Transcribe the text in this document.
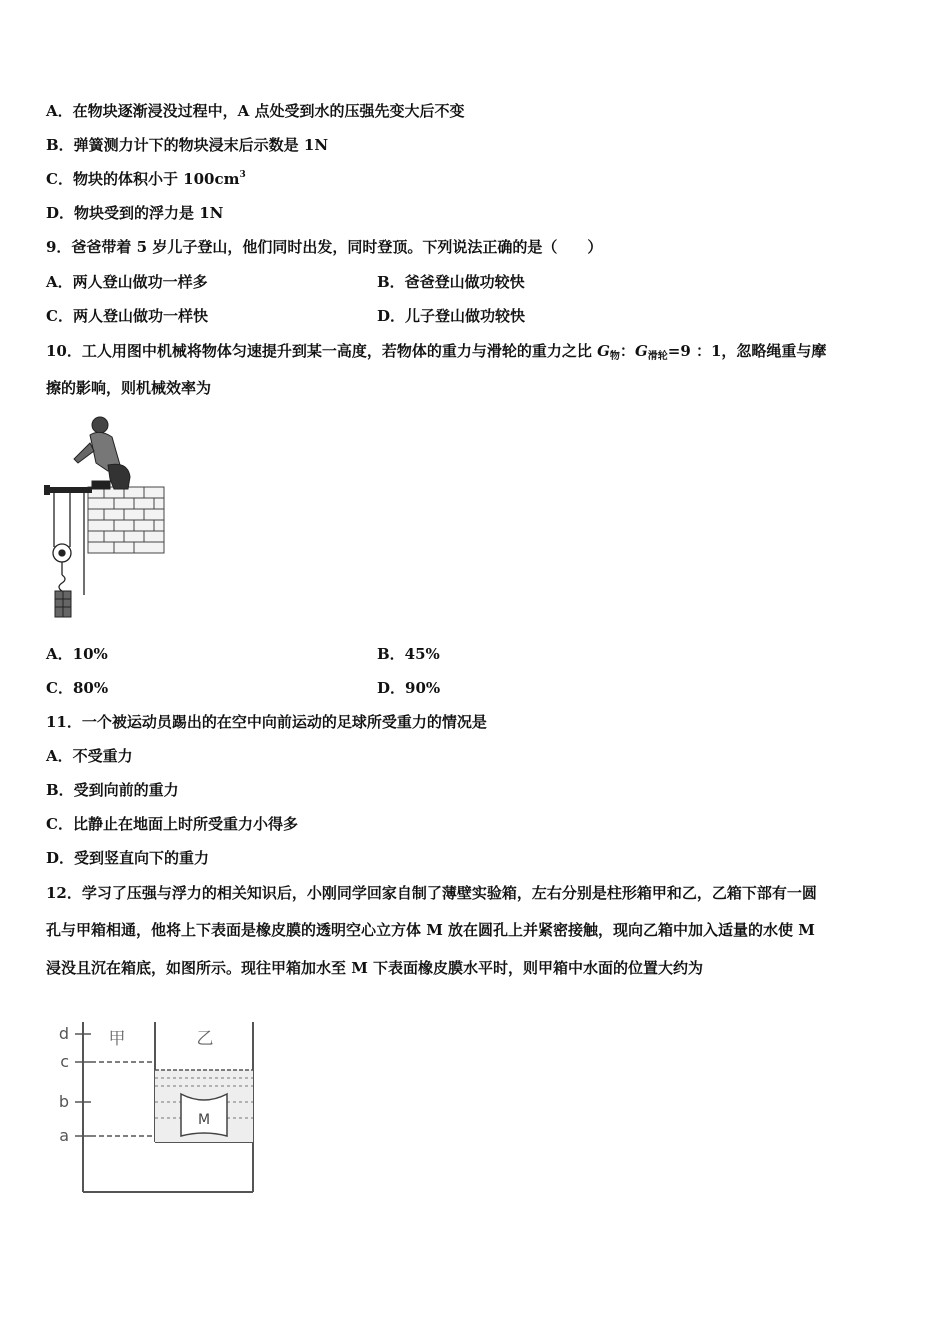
A．在物块逐渐浸没过程中，A 点处受到水的压强先变大后不变
B．弹簧测力计下的物块浸末后示数是 1N
C．物块的体积小于 $100cm^3$
D．物块受到的浮力是 1N
9．爸爸带着 5 岁儿子登山，他们同时出发，同时登顶。下列说法正确的是（　　）
A．两人登山做功一样多	B．爸爸登山做功较快
C．两人登山做功一样快	D．儿子登山做功较快
10．工人用图中机械将物体匀速提升到某一高度，若物体的重力与滑轮的重力之比 $G_物$：$G_{滑轮}=9$ ：1，忽略绳重与摩
擦的影响，则机械效率为
A．10%	B．45%
C．80%	D．90%
11．一个被运动员踢出的在空中向前运动的足球所受重力的情况是
A．不受重力
B．受到向前的重力
C．比静止在地面上时所受重力小得多
D．受到竖直向下的重力
12．学习了压强与浮力的相关知识后，小刚同学回家自制了薄壁实验箱，左右分别是柱形箱甲和乙，乙箱下部有一圆
孔与甲箱相通，他将上下表面是橡皮膜的透明空心立方体 M 放在圆孔上并紧密接触，现向乙箱中加入适量的水使 M
浸没且沉在箱底，如图所示。现往甲箱加水至 M 下表面橡皮膜水平时，则甲箱中水面的位置大约为
M
d
c
b
a
甲	乙
